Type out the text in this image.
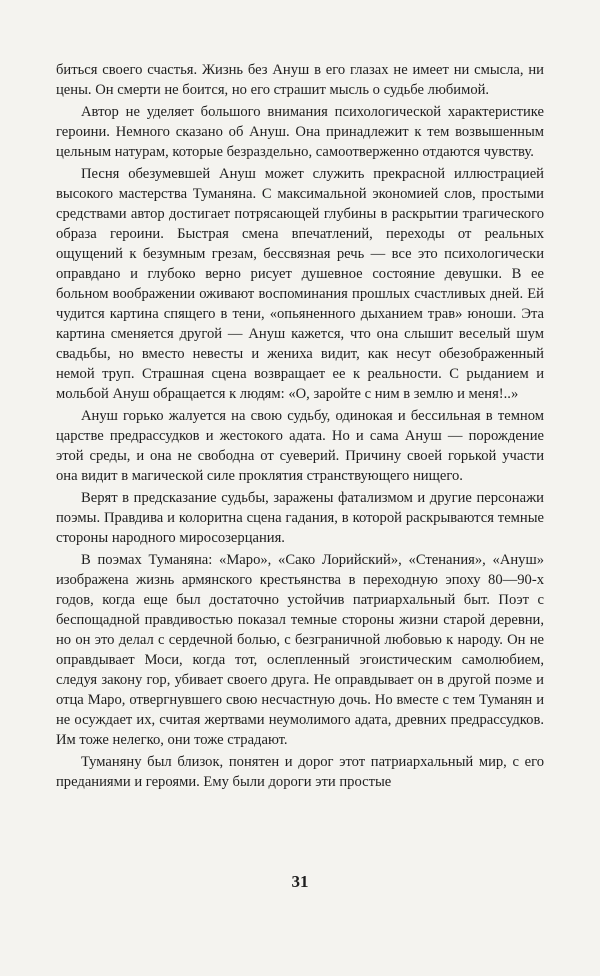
биться своего счастья. Жизнь без Ануш в его глазах не имеет ни смысла, ни цены. Он смерти не боится, но его страшит мысль о судьбе любимой.

Автор не уделяет большого внимания психологической характеристике героини. Немного сказано об Ануш. Она принадлежит к тем возвышенным цельным натурам, которые безраздельно, самоотверженно отдаются чувству.

Песня обезумевшей Ануш может служить прекрасной иллюстрацией высокого мастерства Туманяна. С максимальной экономией слов, простыми средствами автор достигает потрясающей глубины в раскрытии трагического образа героини. Быстрая смена впечатлений, переходы от реальных ощущений к безумным грезам, бессвязная речь — все это психологически оправдано и глубоко верно рисует душевное состояние девушки. В ее больном воображении оживают воспоминания прошлых счастливых дней. Ей чудится картина спящего в тени, «опьяненного дыханием трав» юноши. Эта картина сменяется другой — Ануш кажется, что она слышит веселый шум свадьбы, но вместо невесты и жениха видит, как несут обезображенный немой труп. Страшная сцена возвращает ее к реальности. С рыданием и мольбой Ануш обращается к людям: «О, заройте с ним в землю и меня!..»

Ануш горько жалуется на свою судьбу, одинокая и бессильная в темном царстве предрассудков и жестокого адата. Но и сама Ануш — порождение этой среды, и она не свободна от суеверий. Причину своей горькой участи она видит в магической силе проклятия странствующего нищего.

Верят в предсказание судьбы, заражены фатализмом и другие персонажи поэмы. Правдива и колоритна сцена гадания, в которой раскрываются темные стороны народного миросозерцания.

В поэмах Туманяна: «Маро», «Сако Лорийский», «Стенания», «Ануш» изображена жизнь армянского крестьянства в переходную эпоху 80—90-х годов, когда еще был достаточно устойчив патриархальный быт. Поэт с беспощадной правдивостью показал темные стороны жизни старой деревни, но он это делал с сердечной болью, с безграничной любовью к народу. Он не оправдывает Моси, когда тот, ослепленный эгоистическим самолюбием, следуя закону гор, убивает своего друга. Не оправдывает он в другой поэме и отца Маро, отвергнувшего свою несчастную дочь. Но вместе с тем Туманян и не осуждает их, считая жертвами неумолимого адата, древних предрассудков. Им тоже нелегко, они тоже страдают.

Туманяну был близок, понятен и дорог этот патриархальный мир, с его преданиями и героями. Ему были дороги эти простые

31
